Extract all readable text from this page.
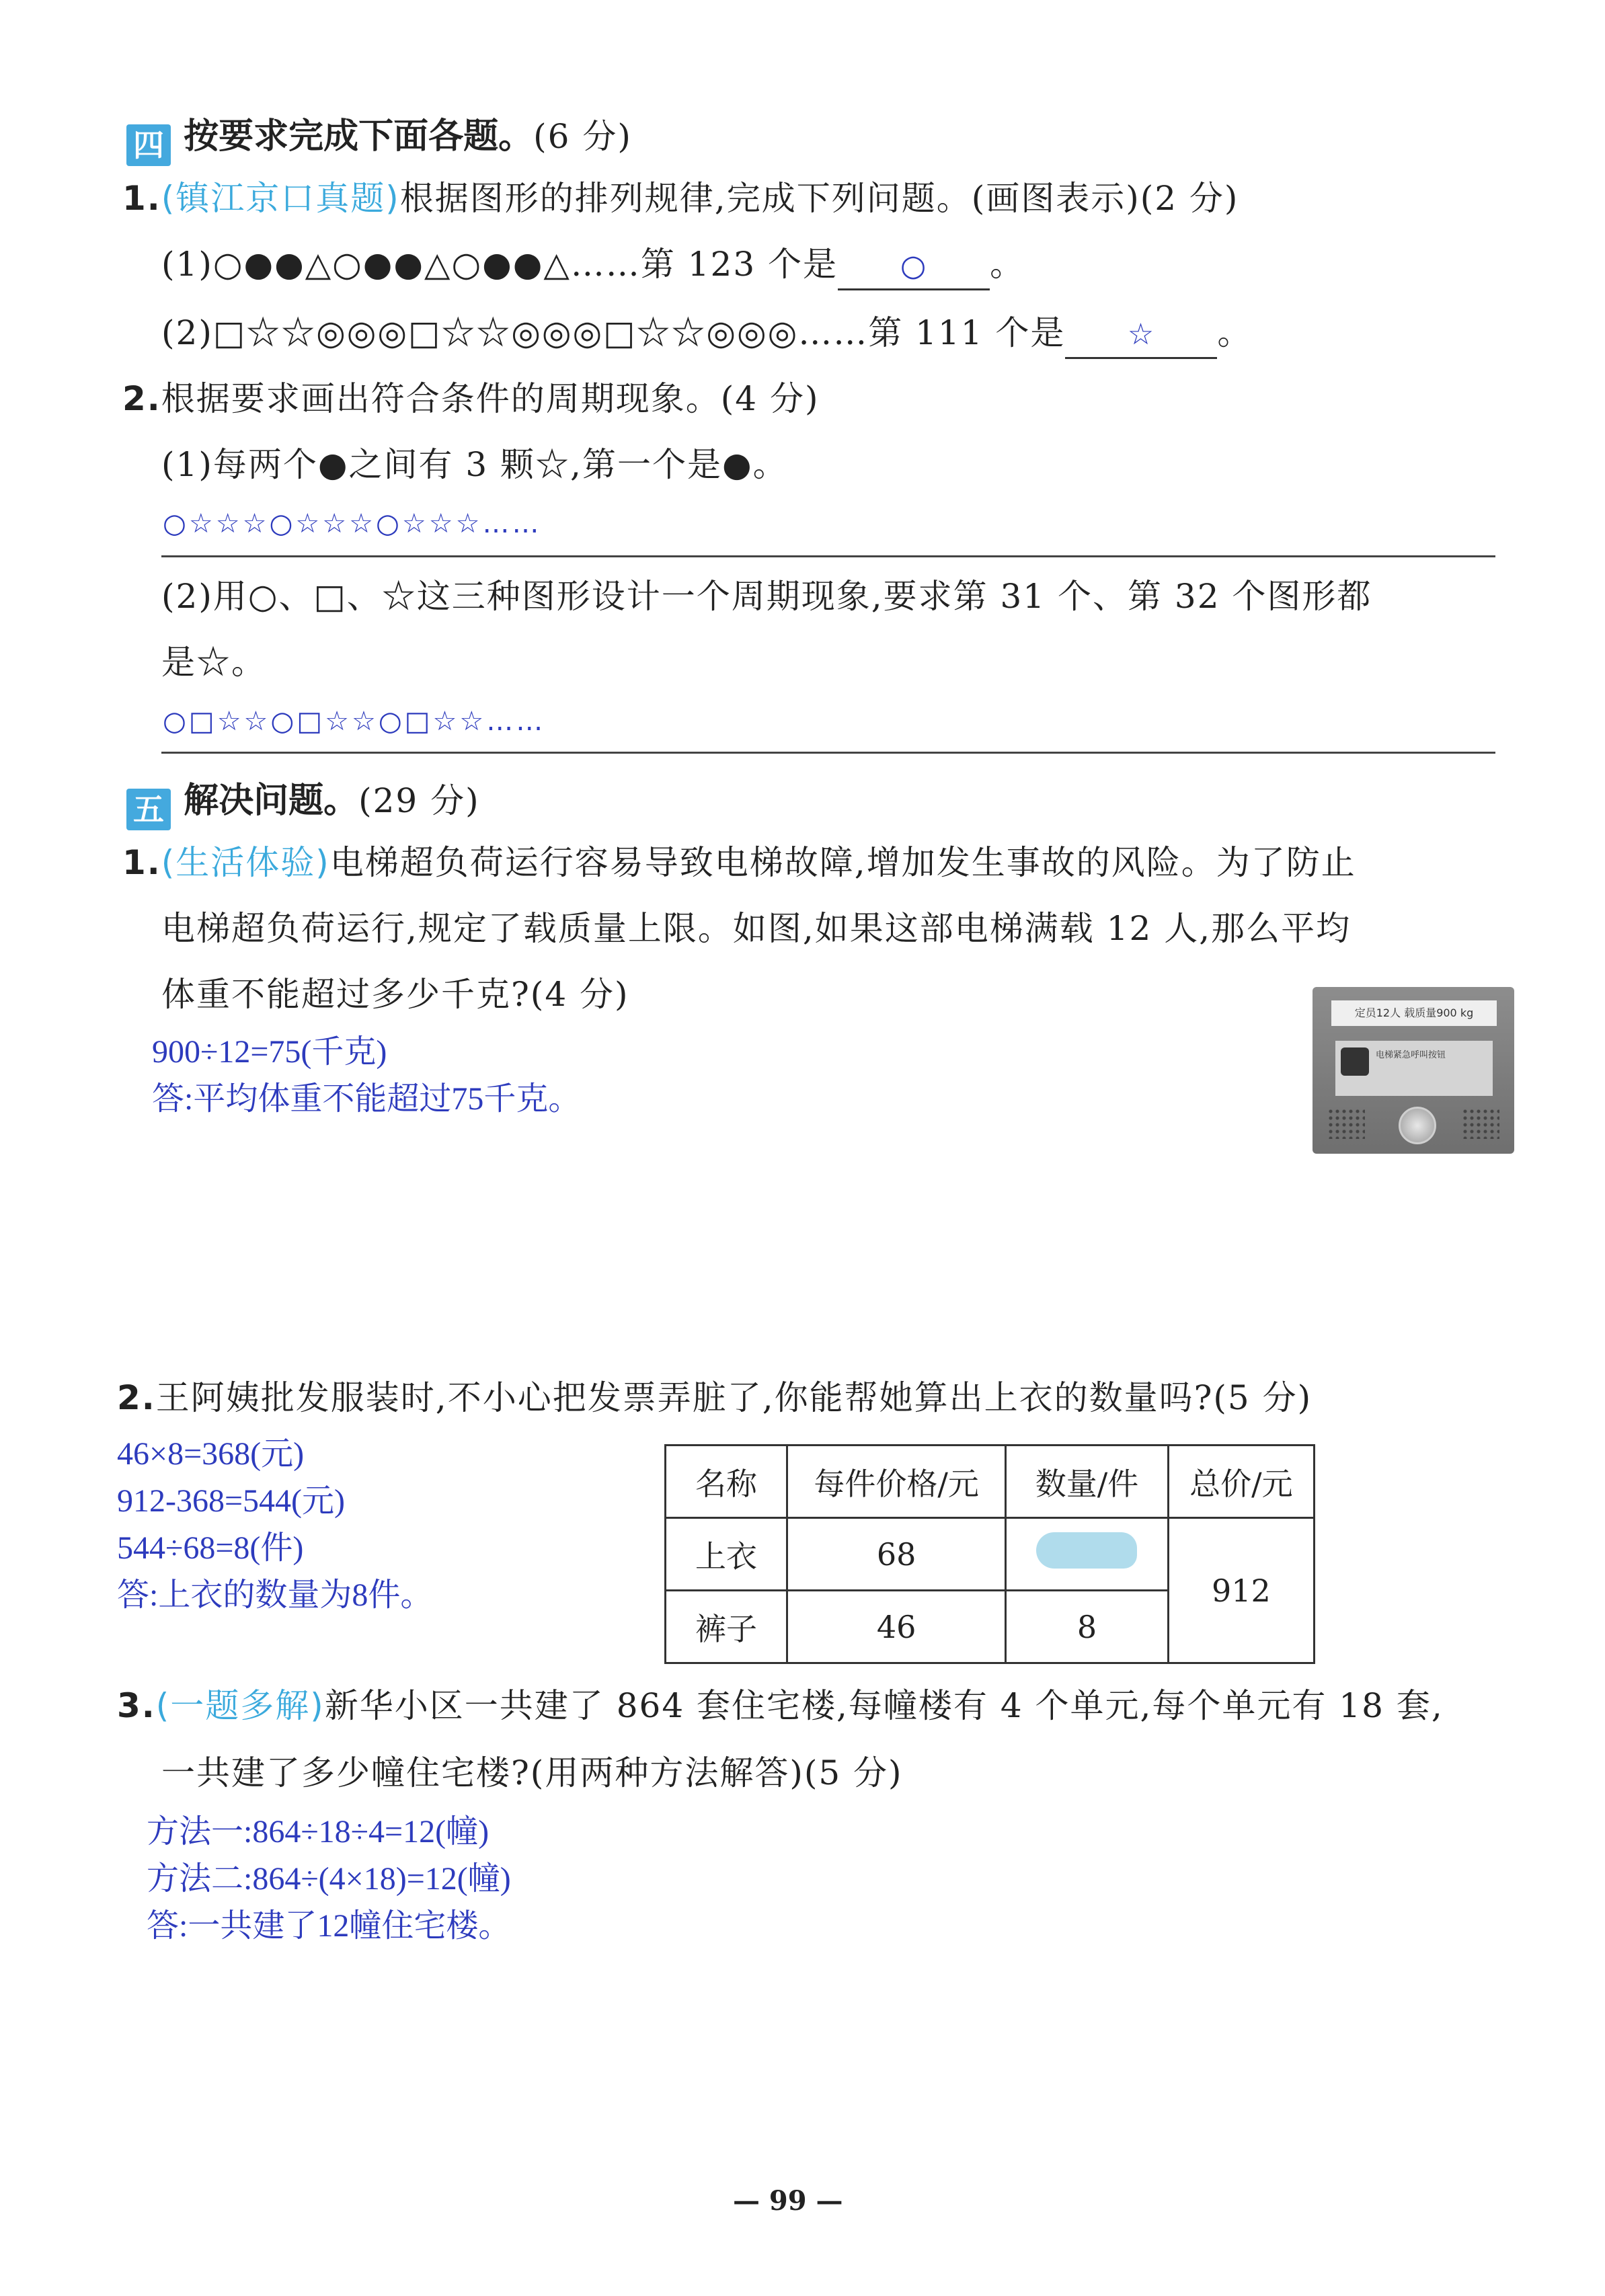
四 按要求完成下面各题。(6 分)
1.(镇江京口真题)根据图形的排列规律,完成下列问题。(画图表示)(2 分)
(1)○●●△○●●△○●●△……第 123 个是 ○ 。
(2)□☆☆◎◎◎□☆☆◎◎◎□☆☆◎◎◎……第 111 个是 ☆ 。
2.根据要求画出符合条件的周期现象。(4 分)
(1)每两个●之间有 3 颗☆,第一个是●。
○☆☆☆○☆☆☆○☆☆☆……
(2)用○、□、☆这三种图形设计一个周期现象,要求第 31 个、第 32 个图形都
是☆。
○□☆☆○□☆☆○□☆☆……
五 解决问题。(29 分)
1.(生活体验)电梯超负荷运行容易导致电梯故障,增加发生事故的风险。为了防止
电梯超负荷运行,规定了载质量上限。如图,如果这部电梯满载 12 人,那么平均
体重不能超过多少千克?(4 分)
900÷12=75(千克)
答:平均体重不能超过75千克。
定员12人 载质量900 kg
电梯紧急呼叫按钮
2.王阿姨批发服装时,不小心把发票弄脏了,你能帮她算出上衣的数量吗?(5 分)
46×8=368(元)
912-368=544(元)
544÷68=8(件)
答:上衣的数量为8件。
名称	每件价格/元	数量/件	总价/元
上衣	68		912
裤子	46	8	
3.(一题多解)新华小区一共建了 864 套住宅楼,每幢楼有 4 个单元,每个单元有 18 套,
一共建了多少幢住宅楼?(用两种方法解答)(5 分)
方法一:864÷18÷4=12(幢)
方法二:864÷(4×18)=12(幢)
答:一共建了12幢住宅楼。
— 99 —
